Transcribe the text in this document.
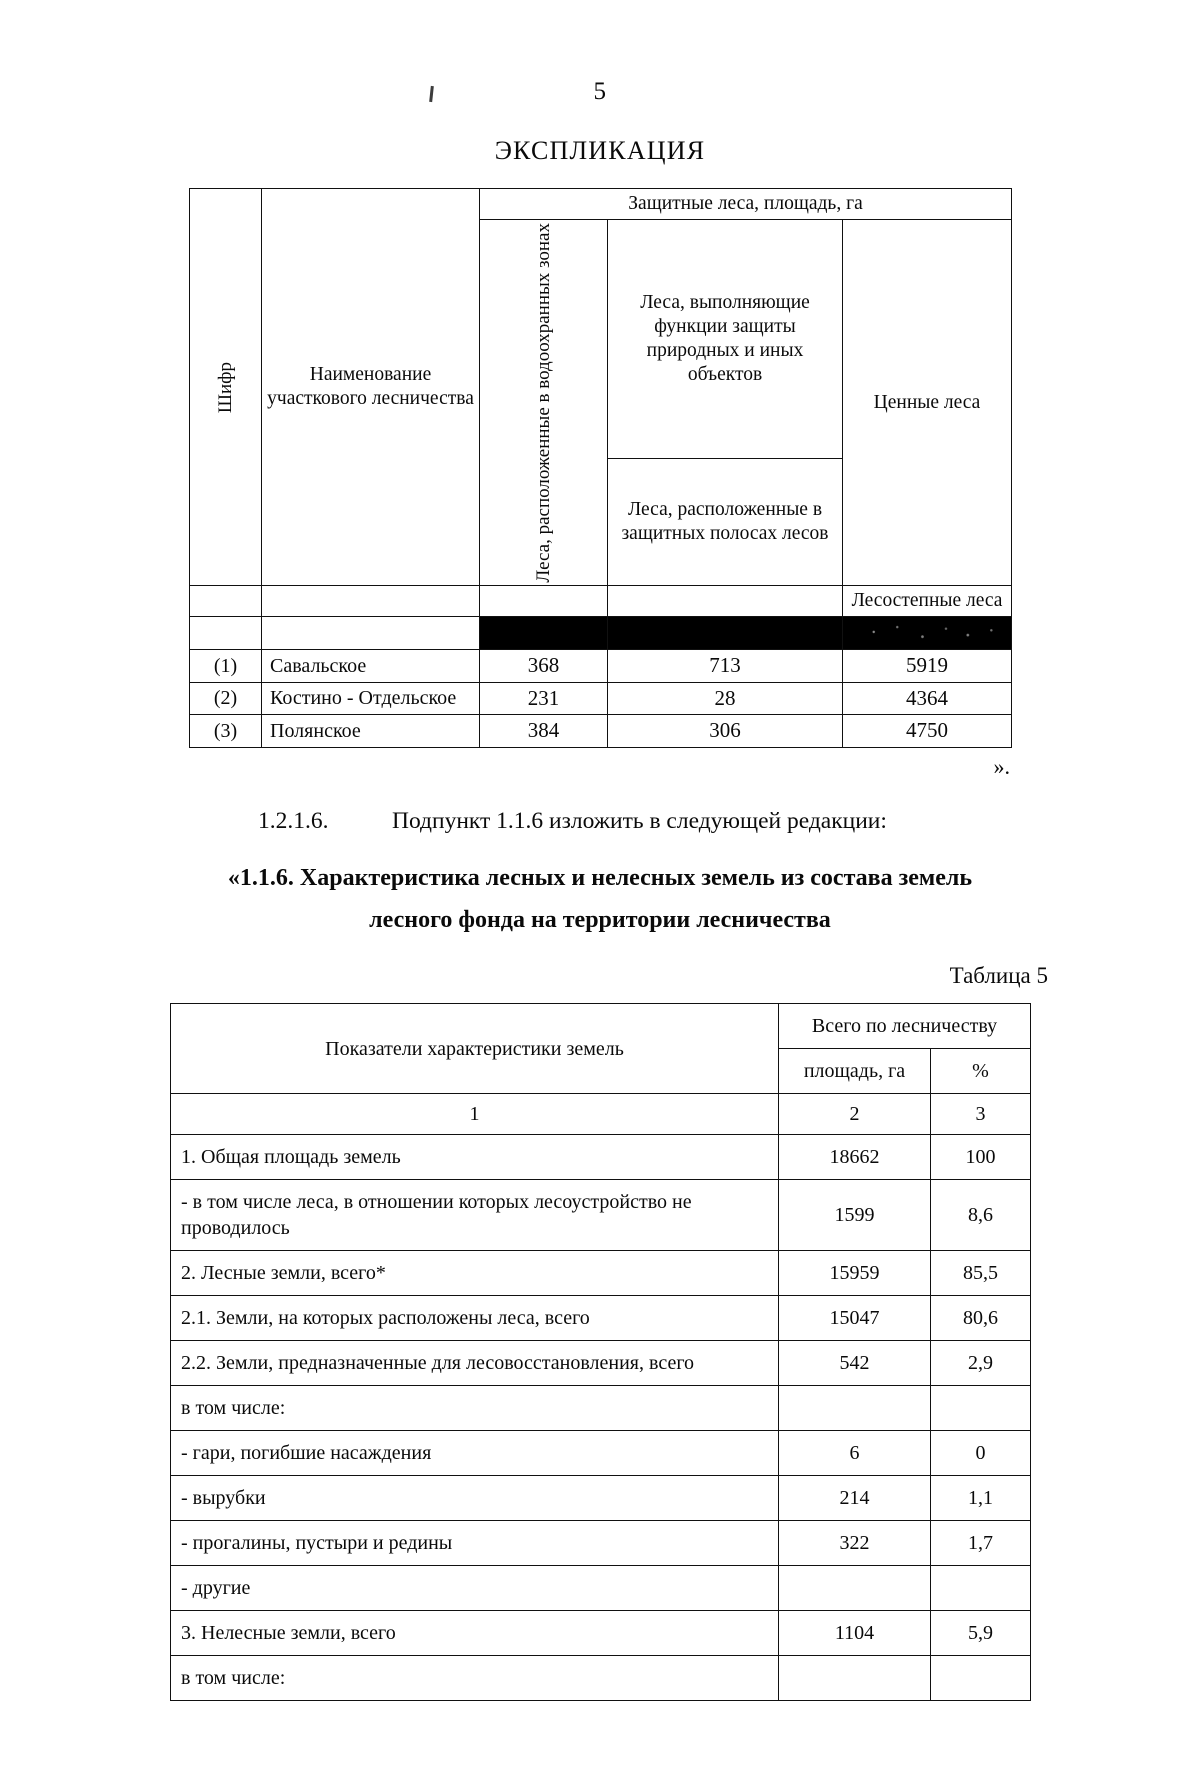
5
ЭКСПЛИКАЦИЯ
Шифр	Наименование участкового лесничества	Защитные леса, площадь, га		

		Леса, расположенные в водоохранных зонах	Леса, выполняющие функции защиты природных и иных объектов	Ценные леса

			Леса, расположенные в защитных полосах лесов	
				Лесостепные леса

(1)	Савальское	368	713	5919
(2)	Костино - Отдельское	231	28	4364
(3)	Полянское	384	306	4750
».
1.2.1.6.	Подпункт 1.1.6 изложить в следующей редакции:
«1.1.6. Характеристика лесных и нелесных земель из состава земель
лесного фонда на территории лесничества
Таблица 5
Показатели характеристики земель	Всего по лесничеству	
	площадь, га	%
1	2	3
1. Общая площадь земель	18662	100
- в том числе леса, в отношении которых лесоустройство не проводилось	1599	8,6
2. Лесные земли, всего*	15959	85,5
2.1. Земли, на которых расположены леса, всего	15047	80,6
2.2. Земли, предназначенные для лесовосстановления, всего	542	2,9
в том числе:		
- гари, погибшие насаждения	6	0
- вырубки	214	1,1
- прогалины, пустыри и редины	322	1,7
- другие		
3. Нелесные земли, всего	1104	5,9
в том числе:		
